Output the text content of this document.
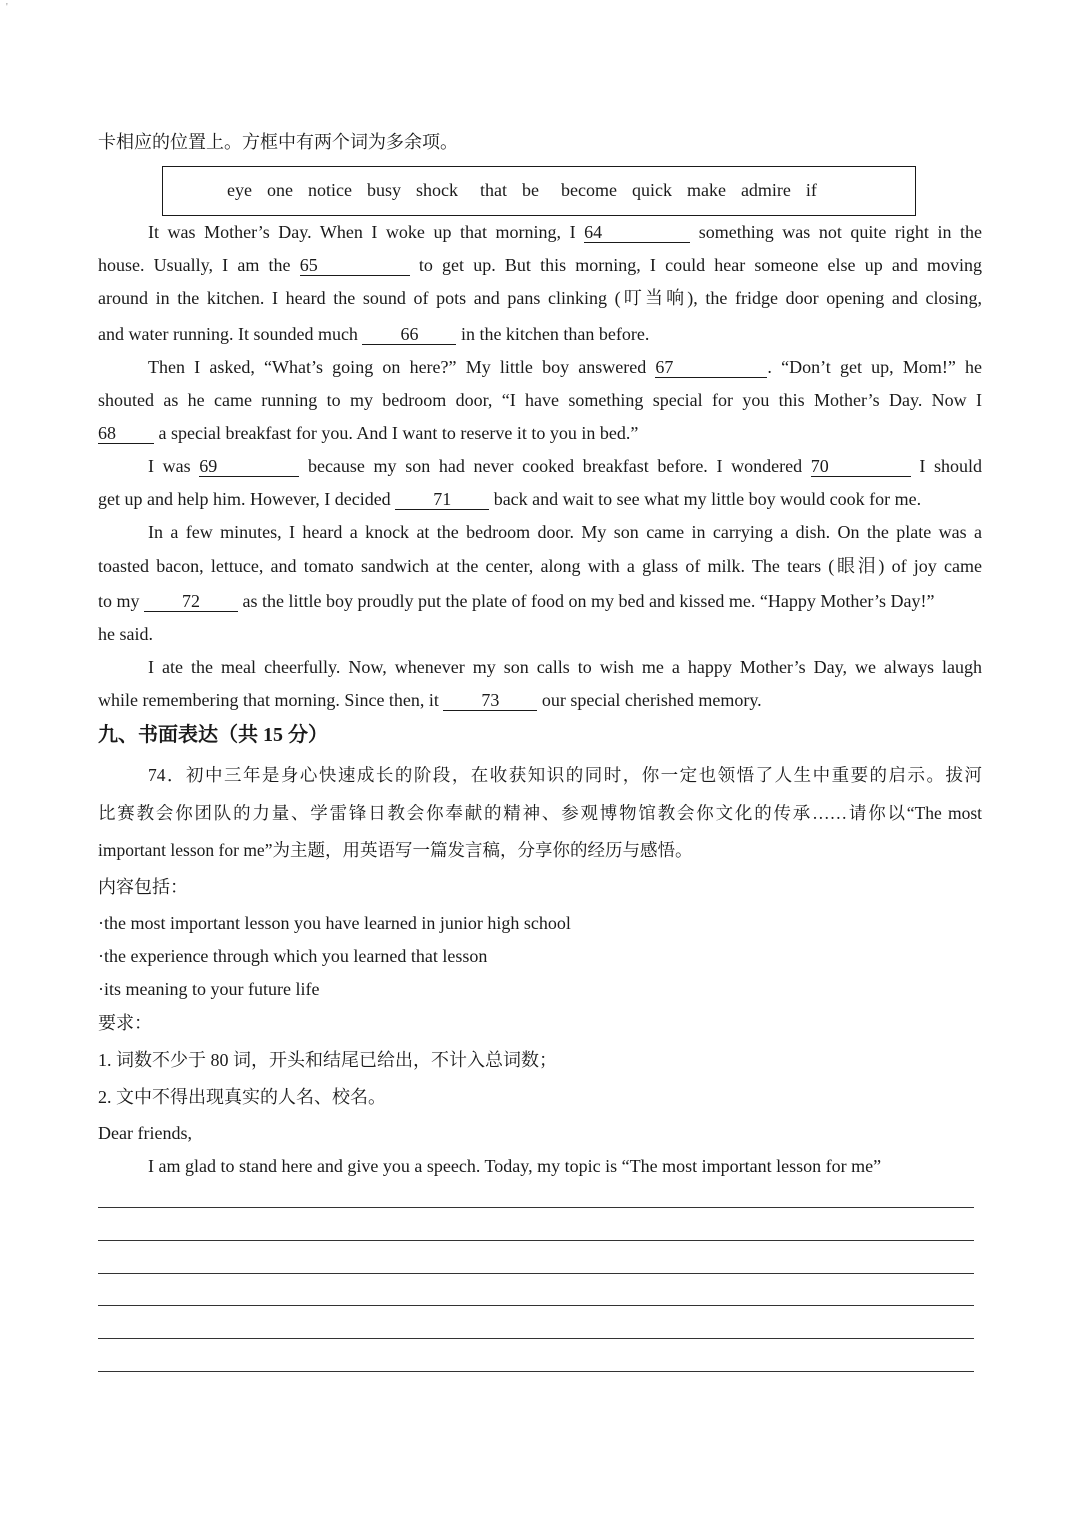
'
卡相应的位置上。方框中有两个词为多余项。
eye one notice busy shock that be become quick make admire if
It was Mother’s Day. When I woke up that morning, I 64	something was not quite right in the
house. Usually, I am the 65	to get up. But this morning, I could hear someone else up and moving
around in the kitchen. I heard the sound of pots and pans clinking (叮当响), the fridge door opening and closing,
and water running. It sounded much 66 in the kitchen than before.
Then I asked, “What’s going on here?” My little boy answered 67	. “Don’t get up, Mom!” he
shouted as he came running to my bedroom door, “I have something special for you this Mother’s Day. Now I
68 a special breakfast for you. And I want to reserve it to you in bed.”
I was 69	because my son had never cooked breakfast before. I wondered 70	I should
get up and help him. However, I decided 71 back and wait to see what my little boy would cook for me.
In a few minutes, I heard a knock at the bedroom door. My son came in carrying a dish. On the plate was a
toasted bacon, lettuce, and tomato sandwich at the center, along with a glass of milk. The tears (眼泪) of joy came
to my 72 as the little boy proudly put the plate of food on my bed and kissed me. “Happy Mother’s Day!”
he said.
I ate the meal cheerfully. Now, whenever my son calls to wish me a happy Mother’s Day, we always laugh
while remembering that morning. Since then, it 73 our special cherished memory.
九、书面表达（共 15 分）
74．初中三年是身心快速成长的阶段，在收获知识的同时，你一定也领悟了人生中重要的启示。拔河
比赛教会你团队的力量、学雷锋日教会你奉献的精神、参观博物馆教会你文化的传承……请你以“The most
important lesson for me”为主题，用英语写一篇发言稿，分享你的经历与感悟。
内容包括：
·the most important lesson you have learned in junior high school
·the experience through which you learned that lesson
·its meaning to your future life
要求：
1. 词数不少于 80 词，开头和结尾已给出，不计入总词数；
2. 文中不得出现真实的人名、校名。
Dear friends,
I am glad to stand here and give you a speech. Today, my topic is “The most important lesson for me”
